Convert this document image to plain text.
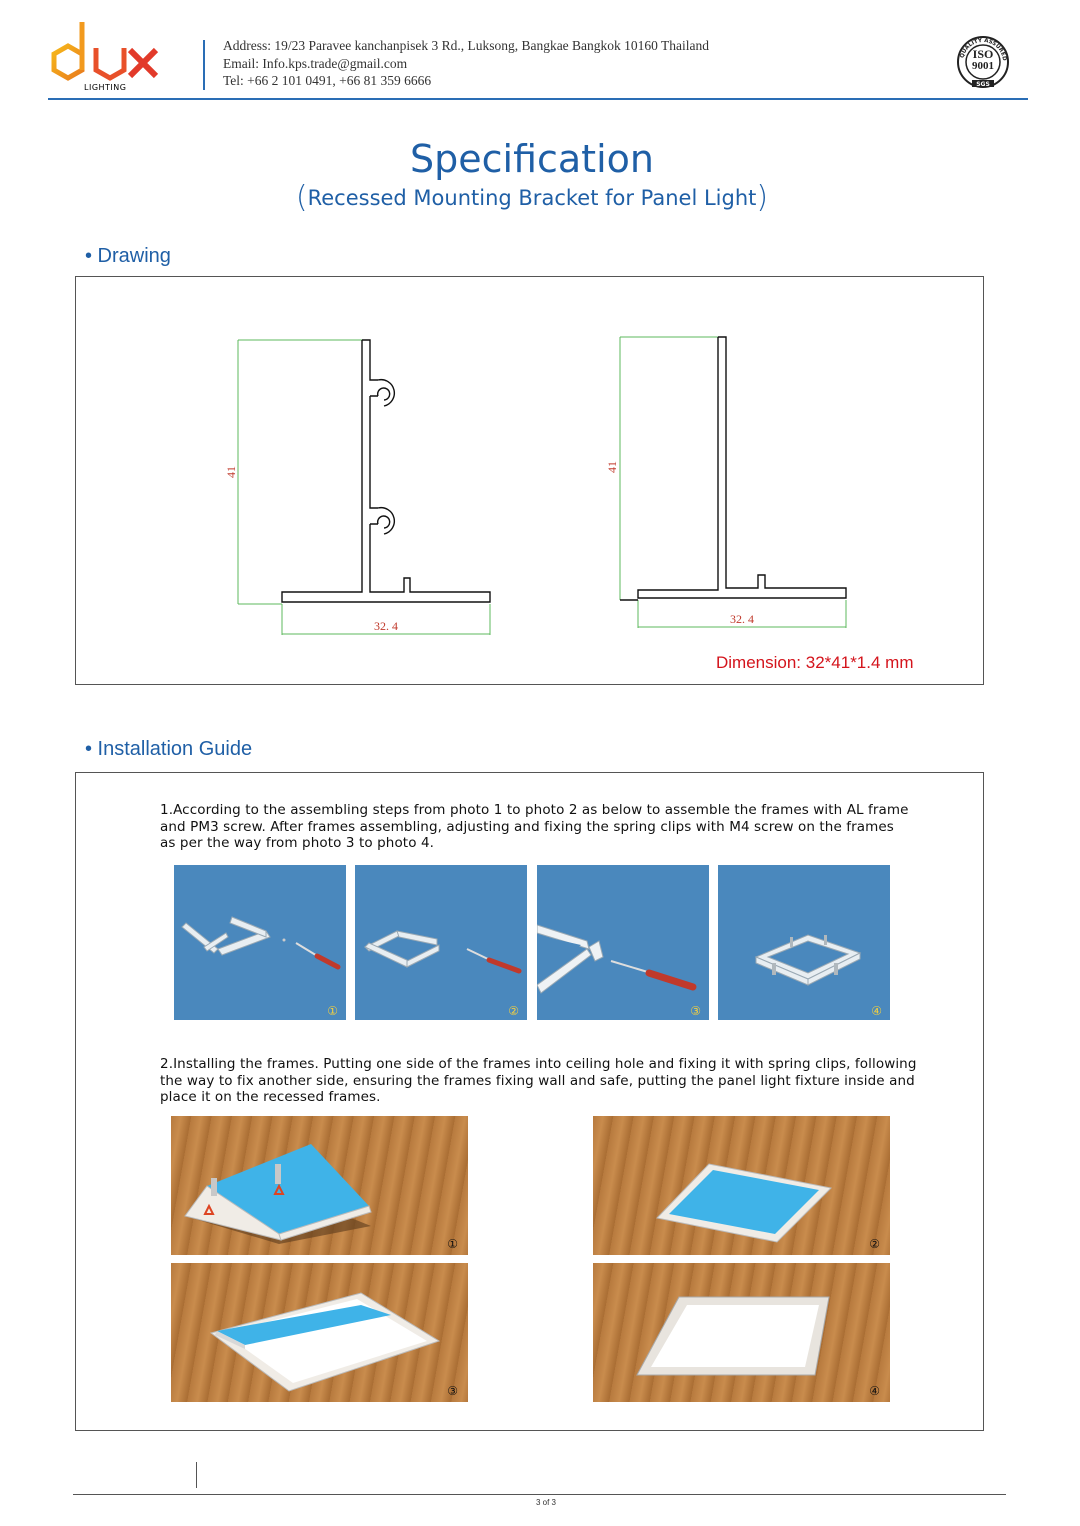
LIGHTING
Address: 19/23 Paravee kanchanpisek 3 Rd., Luksong, Bangkae Bangkok 10160 Thailand
Email: Info.kps.trade@gmail.com
Tel: +66 2 101 0491, +66 81 359 6666
ISO
9001
QUALITY ASSURED
SGS
Specification
(Recessed Mounting Bracket for Panel Light)
• Drawing
41
32. 4
41
32. 4
Dimension: 32*41*1.4 mm
• Installation Guide
1.According to the assembling steps from photo 1 to photo 2 as below to assemble the frames with AL frame
and PM3 screw. After frames assembling, adjusting and fixing the spring clips with M4 screw on the frames
as per the way from photo 3 to photo 4.
①	②	③	④
2.Installing the frames. Putting one side of the frames into ceiling hole and fixing it with spring clips, following
the way to fix another side, ensuring the frames fixing wall and safe, putting the panel light fixture inside and
place it on the recessed frames.
①	②
③	④
3 of 3
